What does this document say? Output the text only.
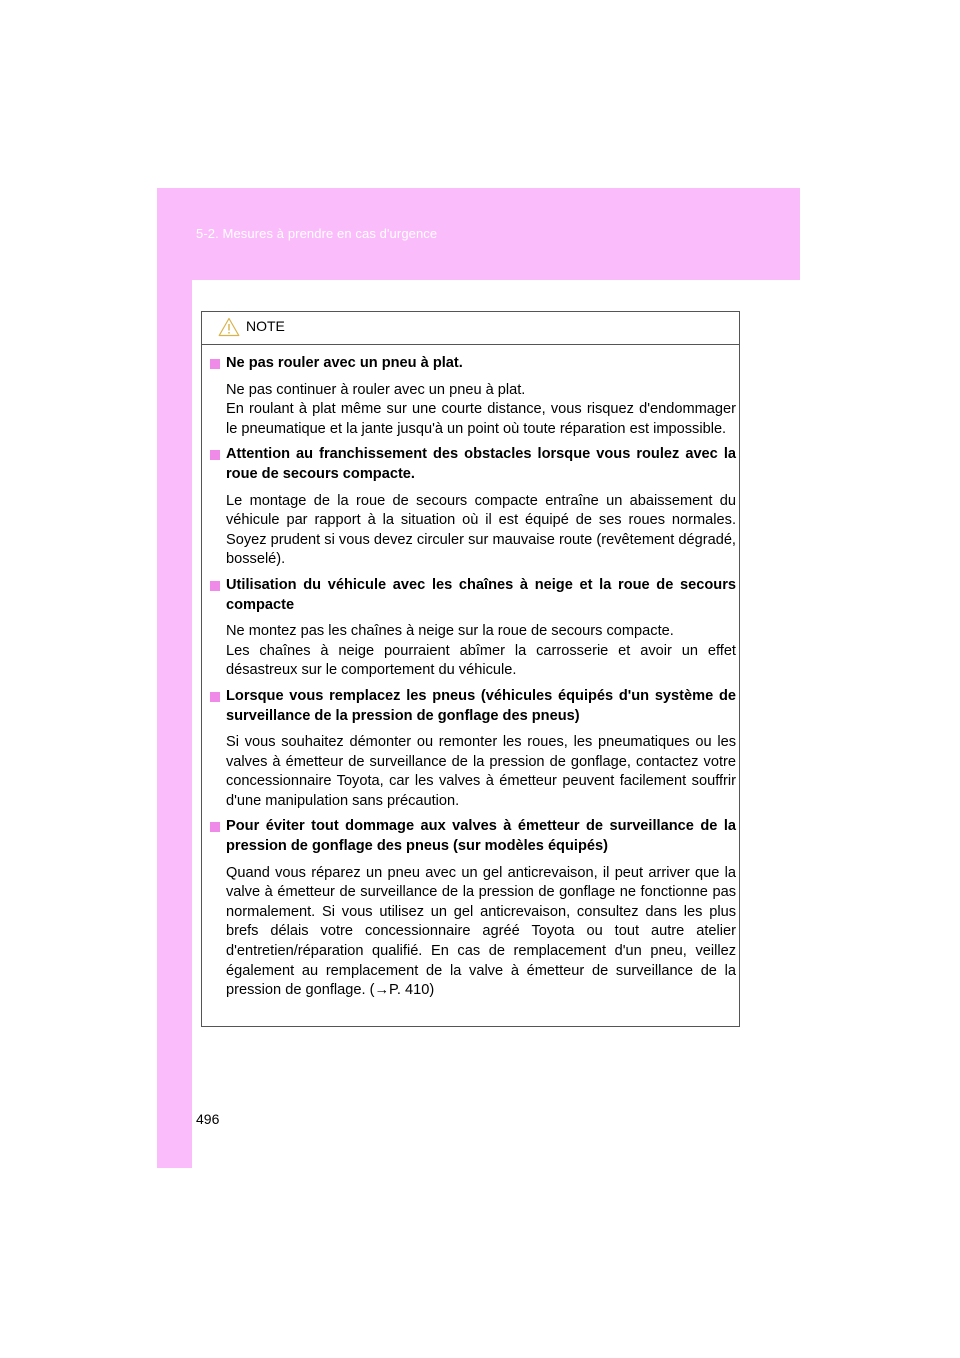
5-2. Mesures à prendre en cas d'urgence
NOTE
Ne pas rouler avec un pneu à plat.

Ne pas continuer à rouler avec un pneu à plat.

En roulant à plat même sur une courte distance, vous risquez d'endommager le pneumatique et la jante jusqu'à un point où toute réparation est impossible.

Attention au franchissement des obstacles lorsque vous roulez avec la roue de secours compacte.

Le montage de la roue de secours compacte entraîne un abaissement du véhicule par rapport à la situation où il est équipé de ses roues normales. Soyez prudent si vous devez circuler sur mauvaise route (revêtement dégradé, bosselé).

Utilisation du véhicule avec les chaînes à neige et la roue de secours compacte

Ne montez pas les chaînes à neige sur la roue de secours compacte.

Les chaînes à neige pourraient abîmer la carrosserie et avoir un effet désastreux sur le comportement du véhicule.

Lorsque vous remplacez les pneus (véhicules équipés d'un système de surveillance de la pression de gonflage des pneus)

Si vous souhaitez démonter ou remonter les roues, les pneumatiques ou les valves à émetteur de surveillance de la pression de gonflage, contactez votre concessionnaire Toyota, car les valves à émetteur peuvent facilement souffrir d'une manipulation sans précaution.

Pour éviter tout dommage aux valves à émetteur de surveillance de la pression de gonflage des pneus (sur modèles équipés)

Quand vous réparez un pneu avec un gel anticrevaison, il peut arriver que la valve à émetteur de surveillance de la pression de gonflage ne fonctionne pas normalement. Si vous utilisez un gel anticrevaison, consultez dans les plus brefs délais votre concessionnaire agréé Toyota ou tout autre atelier d'entretien/réparation qualifié. En cas de remplacement d'un pneu, veillez également au remplacement de la valve à émetteur de surveillance de la pression de gonflage. (→P. 410)

496
